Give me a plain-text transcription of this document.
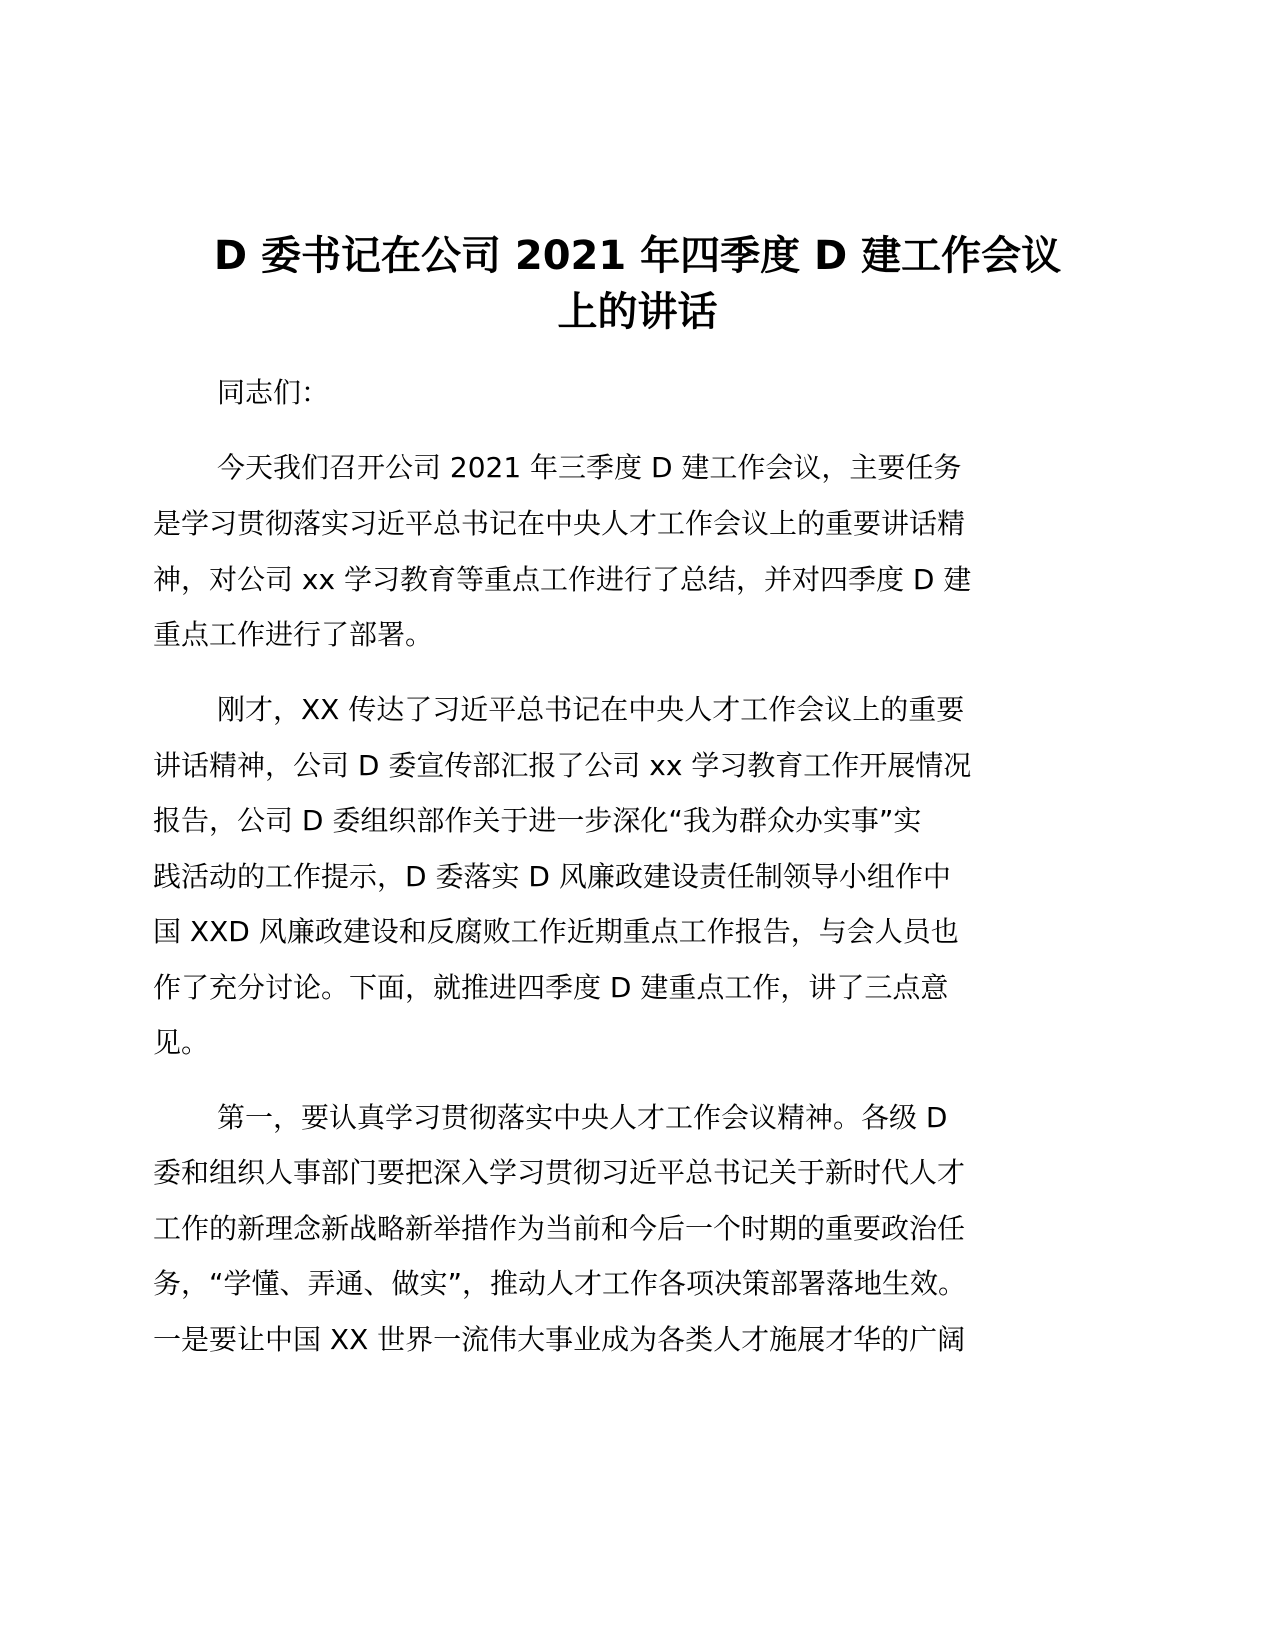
D 委书记在公司 2021 年四季度 D 建工作会议
上的讲话
同志们：
今天我们召开公司 2021 年三季度 D 建工作会议，主要任务
是学习贯彻落实习近平总书记在中央人才工作会议上的重要讲话精
神，对公司 xx 学习教育等重点工作进行了总结，并对四季度 D 建
重点工作进行了部署。
刚才，XX 传达了习近平总书记在中央人才工作会议上的重要
讲话精神，公司 D 委宣传部汇报了公司 xx 学习教育工作开展情况
报告，公司 D 委组织部作关于进一步深化“我为群众办实事”实
践活动的工作提示，D 委落实 D 风廉政建设责任制领导小组作中
国 XXD 风廉政建设和反腐败工作近期重点工作报告，与会人员也
作了充分讨论。下面，就推进四季度 D 建重点工作，讲了三点意
见。
第一，要认真学习贯彻落实中央人才工作会议精神。各级 D
委和组织人事部门要把深入学习贯彻习近平总书记关于新时代人才
工作的新理念新战略新举措作为当前和今后一个时期的重要政治任
务，“学懂、弄通、做实”，推动人才工作各项决策部署落地生效。
一是要让中国 XX 世界一流伟大事业成为各类人才施展才华的广阔
